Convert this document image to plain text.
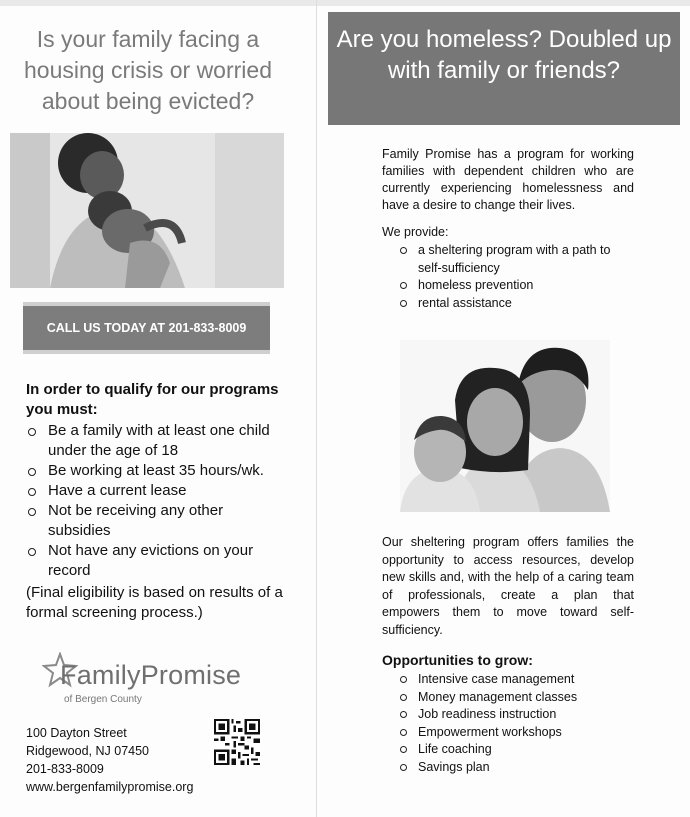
Is your family facing a housing crisis or worried about being evicted?
CALL US TODAY AT 201-833-8009
In order to qualify for our programs you must:
Be a family with at least one child under the age of 18
Be working at least 35 hours/wk.
Have a current lease
Not be receiving any other subsidies
Not have any evictions on your record
(Final eligibility is based on results of a formal screening process.)
FamilyPromise
of Bergen County
100 Dayton Street
Ridgewood, NJ 07450
201-833-8009
www.bergenfamilypromise.org
Are you homeless? Doubled up with family or friends?
Family Promise has a program for working families with dependent children who are currently experiencing homelessness and have a desire to change their lives.
We provide:
a sheltering program with a path to self-sufficiency
homeless prevention
rental assistance
Our sheltering program offers families the opportunity to access resources, develop new skills and, with the help of a caring team of professionals, create a plan that empowers them to move toward self-sufficiency.
Opportunities to grow:
Intensive case management
Money management classes
Job readiness instruction
Empowerment workshops
Life coaching
Savings plan
